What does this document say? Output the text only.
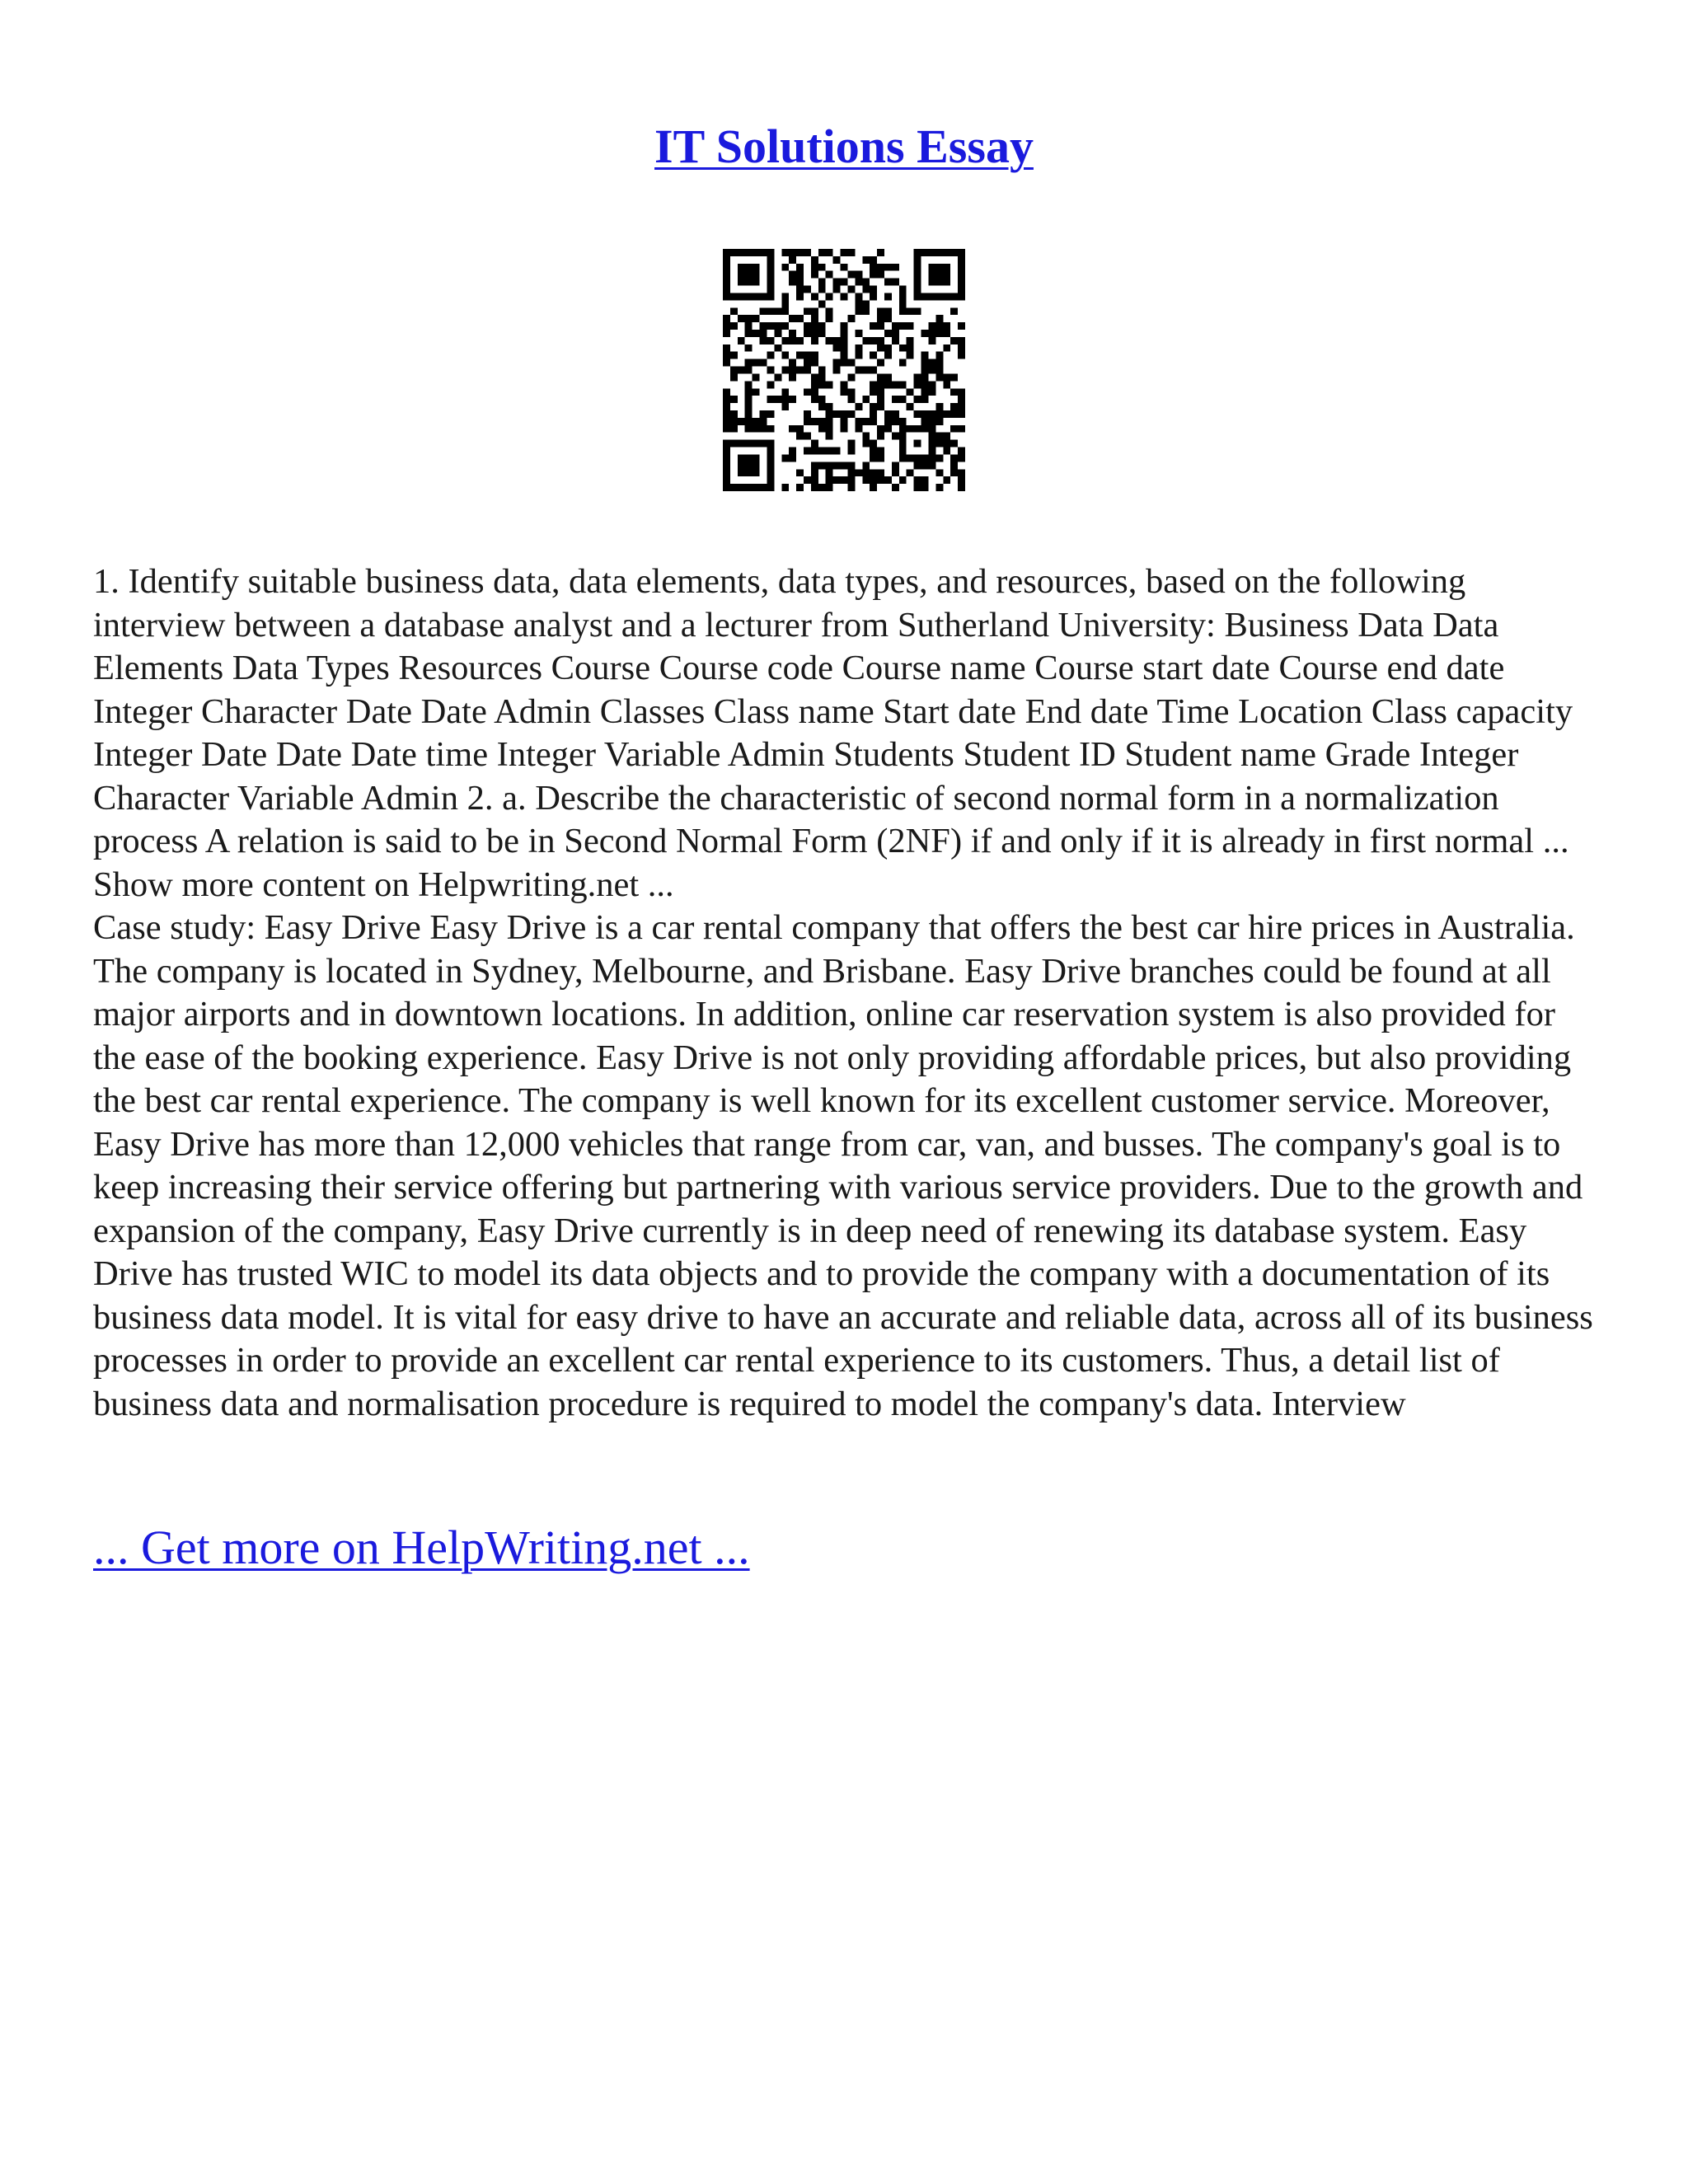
IT Solutions Essay

1. Identify suitable business data, data elements, data types, and resources, based on the following interview between a database analyst and a lecturer from Sutherland University: Business Data Data Elements Data Types Resources Course Course code Course name Course start date Course end date Integer Character Date Date Admin Classes Class name Start date End date Time Location Class capacity Integer Date Date Date time Integer Variable Admin Students Student ID Student name Grade Integer Character Variable Admin 2. a. Describe the characteristic of second normal form in a normalization process A relation is said to be in Second Normal Form (2NF) if and only if it is already in first normal ... Show more content on Helpwriting.net ...

Case study: Easy Drive Easy Drive is a car rental company that offers the best car hire prices in Australia. The company is located in Sydney, Melbourne, and Brisbane. Easy Drive branches could be found at all major airports and in downtown locations. In addition, online car reservation system is also provided for the ease of the booking experience. Easy Drive is not only providing affordable prices, but also providing the best car rental experience. The company is well known for its excellent customer service. Moreover, Easy Drive has more than 12,000 vehicles that range from car, van, and busses. The company's goal is to keep increasing their service offering but partnering with various service providers. Due to the growth and expansion of the company, Easy Drive currently is in deep need of renewing its database system. Easy Drive has trusted WIC to model its data objects and to provide the company with a documentation of its business data model. It is vital for easy drive to have an accurate and reliable data, across all of its business processes in order to provide an excellent car rental experience to its customers. Thus, a detail list of business data and normalisation procedure is required to model the company's data. Interview

... Get more on HelpWriting.net ...
